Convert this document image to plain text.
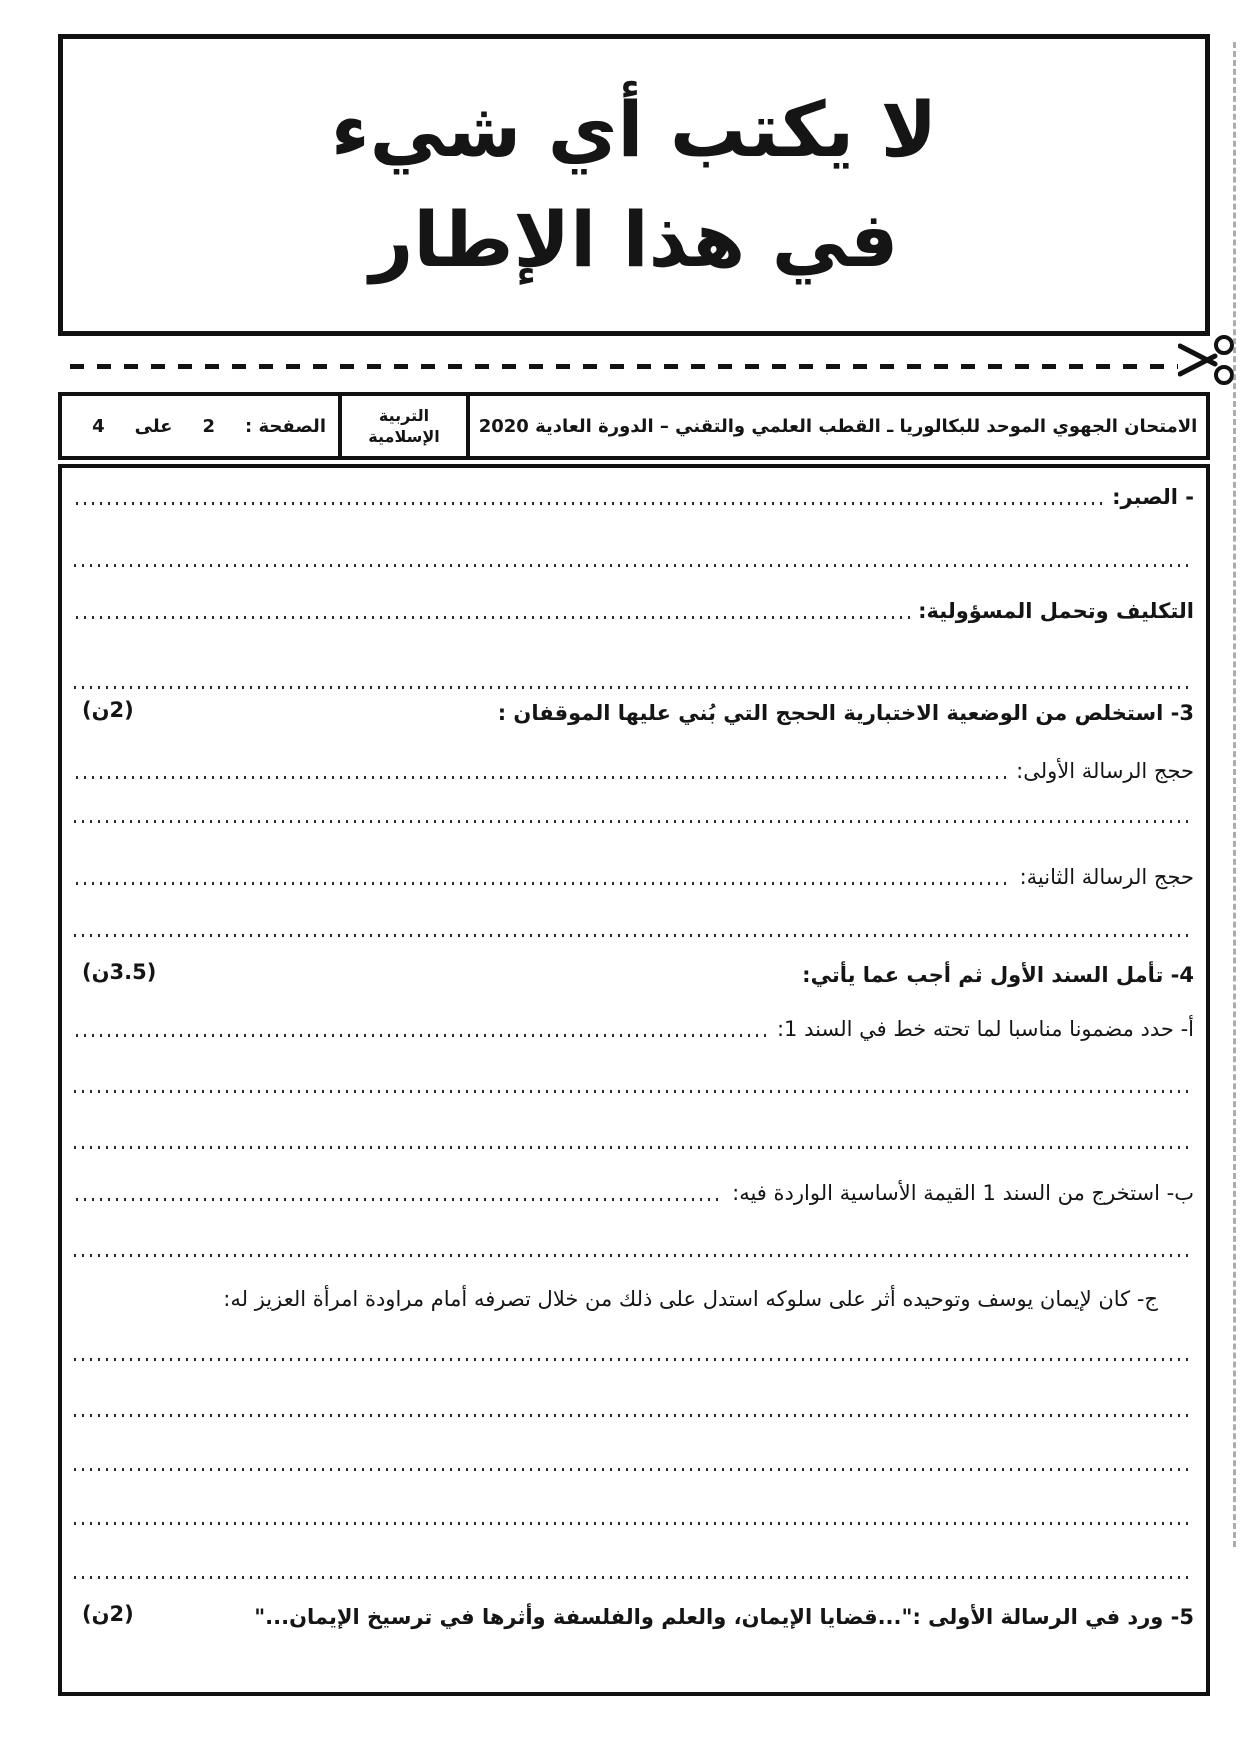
لا يكتب أي شيء
في هذا الإطار
الصفحة :
2
على
4	التربية
الإسلامية الامتحان الجهوي الموحد للبكالوريا ـ القطب العلمي والتقني – الدورة العادية 2020
- الصبر:
التكليف وتحمل المسؤولية:
3- استخلص من الوضعية الاختبارية الحجج التي بُني عليها الموقفان :
(2ن)
حجج الرسالة الأولى:
حجج الرسالة الثانية:
4- تأمل السند الأول ثم أجب عما يأتي:
(3.5ن)
أ- حدد مضمونا مناسبا لما تحته خط في السند 1:
ب- استخرج من السند 1 القيمة الأساسية الواردة فيه:
ج- كان لإيمان يوسف وتوحيده أثر على سلوكه استدل على ذلك من خلال تصرفه أمام مراودة امرأة العزيز له:
5- ورد في الرسالة الأولى :"...قضايا الإيمان، والعلم والفلسفة وأثرها في ترسيخ الإيمان..."
(2ن)
